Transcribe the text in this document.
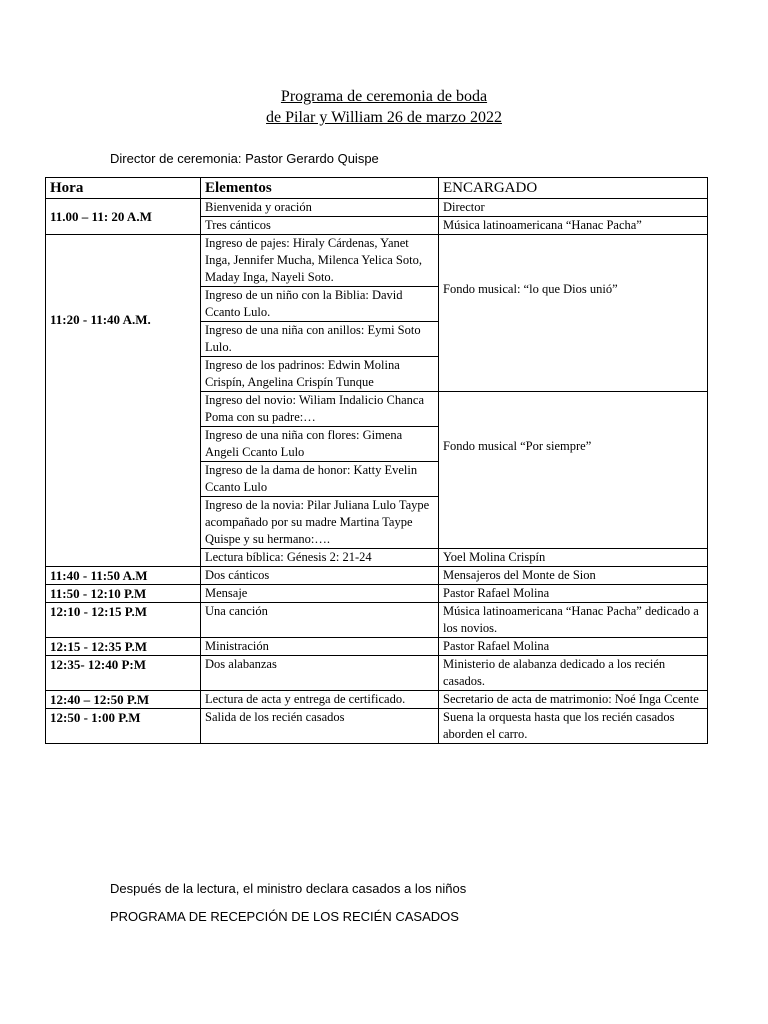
Programa de ceremonia de boda
de Pilar y William 26 de marzo 2022
Director de ceremonia: Pastor Gerardo Quispe
Hora	Elementos	ENCARGADO
11.00 – 11: 20 A.M	Bienvenida y oración	Director
	Tres cánticos	Música latinoamericana “Hanac Pacha”
11:20 - 11:40 A.M.	Ingreso de pajes: Hiraly Cárdenas, Yanet Inga, Jennifer Mucha, Milenca Yelica Soto, Maday Inga, Nayeli Soto.	Fondo musical: “lo que Dios unió”
	Ingreso de un niño con la Biblia: David Ccanto Lulo.	
	Ingreso de una niña con anillos: Eymi Soto Lulo.	
	Ingreso de los padrinos: Edwin Molina Crispín, Angelina Crispín Tunque	
	Ingreso del novio: Wiliam Indalicio Chanca Poma con su padre:…	Fondo musical “Por siempre”
	Ingreso de una niña con flores: Gimena Angeli Ccanto Lulo	
	Ingreso de la dama de honor: Katty Evelin Ccanto Lulo	
	Ingreso de la novia: Pilar Juliana Lulo Taype acompañado por su madre Martina Taype Quispe y su hermano:….	
	Lectura bíblica: Génesis 2: 21-24	Yoel Molina Crispín
11:40 - 11:50 A.M	Dos cánticos	Mensajeros del Monte de Sion
11:50 - 12:10 P.M	Mensaje	Pastor Rafael Molina
12:10 - 12:15 P.M	Una canción	Música latinoamericana “Hanac Pacha” dedicado a los novios.
12:15 - 12:35 P.M	Ministración	Pastor Rafael Molina
12:35- 12:40 P:M	Dos alabanzas	Ministerio de alabanza dedicado a los recién casados.
12:40 – 12:50 P.M	Lectura de acta y entrega de certificado.	Secretario de acta de matrimonio: Noé Inga Ccente
12:50 - 1:00 P.M	Salida de los recién casados	Suena la orquesta hasta que los recién casados aborden el carro.
Después de la lectura, el ministro declara casados a los niños
PROGRAMA DE RECEPCIÓN DE LOS RECIÉN CASADOS
